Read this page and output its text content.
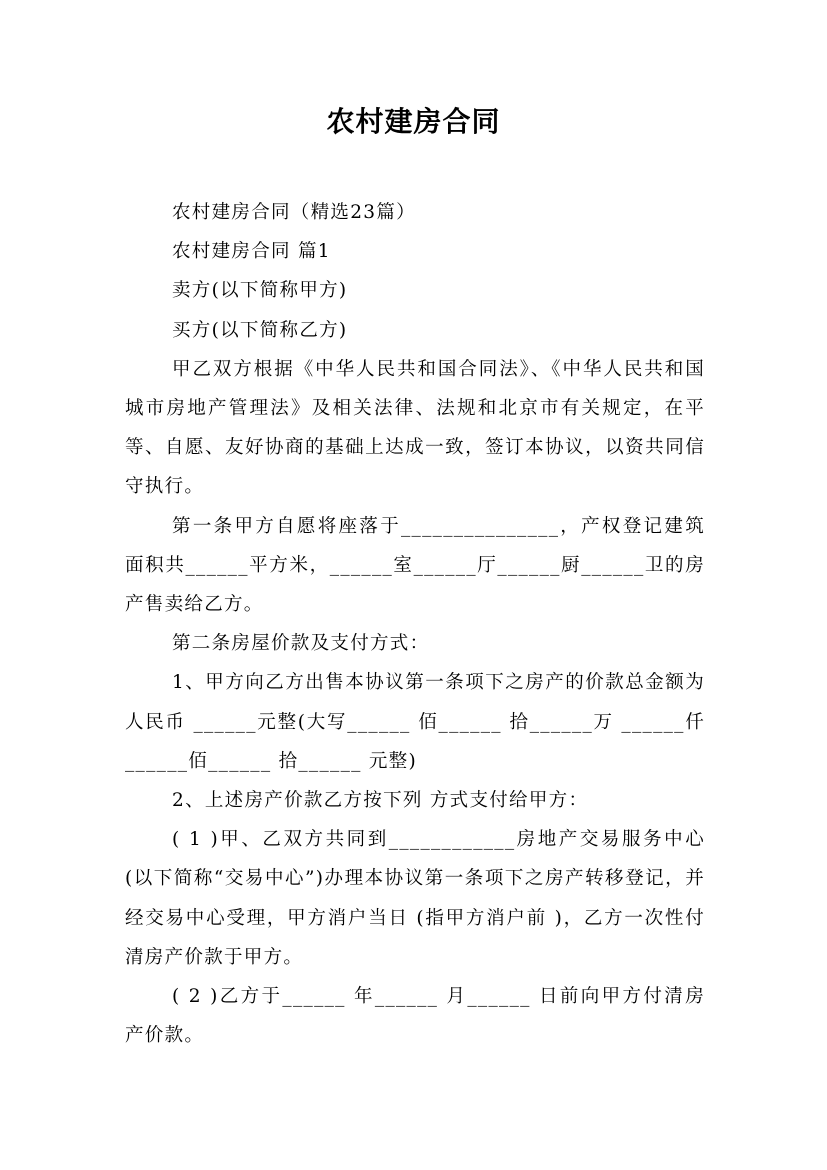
农村建房合同

农村建房合同（精选23篇）

农村建房合同 篇1

卖方(以下简称甲方)

买方(以下简称乙方)

甲乙双方根据《中华人民共和国合同法》、《中华人民共和国城市房地产管理法》及相关法律、法规和北京市有关规定，在平等、自愿、友好协商的基础上达成一致，签订本协议，以资共同信守执行。

第一条甲方自愿将座落于_______________，产权登记建筑面积共______平方米，______室______厅______厨______卫的房产售卖给乙方。

第二条房屋价款及支付方式：

1、甲方向乙方出售本协议第一条项下之房产的价款总金额为人民币 ______元整(大写______ 佰______ 拾______万 ______仟 ______佰______ 拾______ 元整)

2、上述房产价款乙方按下列 方式支付给甲方：

( 1 )甲、乙双方共同到____________房地产交易服务中心(以下简称“交易中心”)办理本协议第一条项下之房产转移登记，并经交易中心受理，甲方消户当日 (指甲方消户前 )，乙方一次性付清房产价款于甲方。

( 2 )乙方于______ 年______ 月______ 日前向甲方付清房产价款。
